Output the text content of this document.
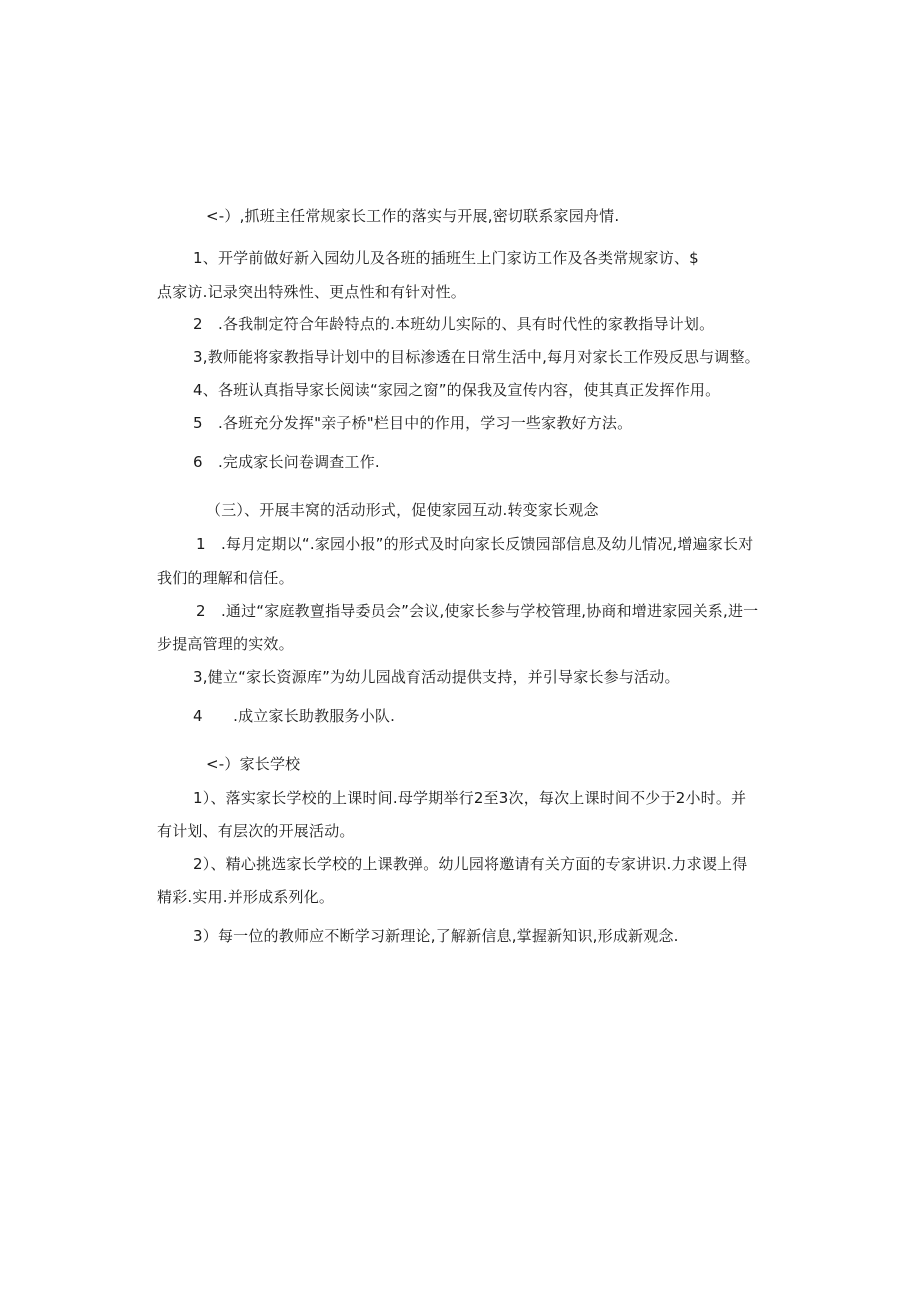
<-）,抓班主任常规家长工作的落实与开展,密切联系家园舟情.
1、开学前做好新入园幼儿及各班的插班生上门家访工作及各类常规家访、$
点家访.记录突出特殊性、更点性和有针对性。
2　.各我制定符合年龄特点的.本班幼儿实际的、具有时代性的家教指导计划。
3,教师能将家教指导计划中的目标渗透在日常生活中,每月对家长工作殁反思与调整。
4、各班认真指导家长阅读“家园之窗”的保我及宣传内容，使其真正发挥作用。
5　.各班充分发挥"亲子桥"栏目中的作用，学习一些家教好方法。
6　.完成家长问卷调查工作.
（三）、开展丰窝的活动形式，促使家园互动.转变家长观念
1　.每月定期以“.家园小报”的形式及时向家长反馈园部信息及幼儿情况,增遍家长对
我们的理解和信任。
2　.通过“家庭教亶指导委员会”会议,使家长参与学校管理,协商和增进家园关系,进一
步提高管理的实效。
3,健立“家长资源库”为幼儿园战育活动提供支持，并引导家长参与活动。
4　　.成立家长助教服务小队.
<-）家长学校
1）、落实家长学校的上课时间.母学期举行2至3次，每次上课时间不少于2小时。并
有计划、有层次的开展活动。
2）、精心挑选家长学校的上课教弹。幼儿园将邀请有关方面的专家讲识.力求谡上得
精彩.实用.并形成系列化。
3）每一位的教师应不断学习新理论,了解新信息,掌握新知识,形成新观念.
